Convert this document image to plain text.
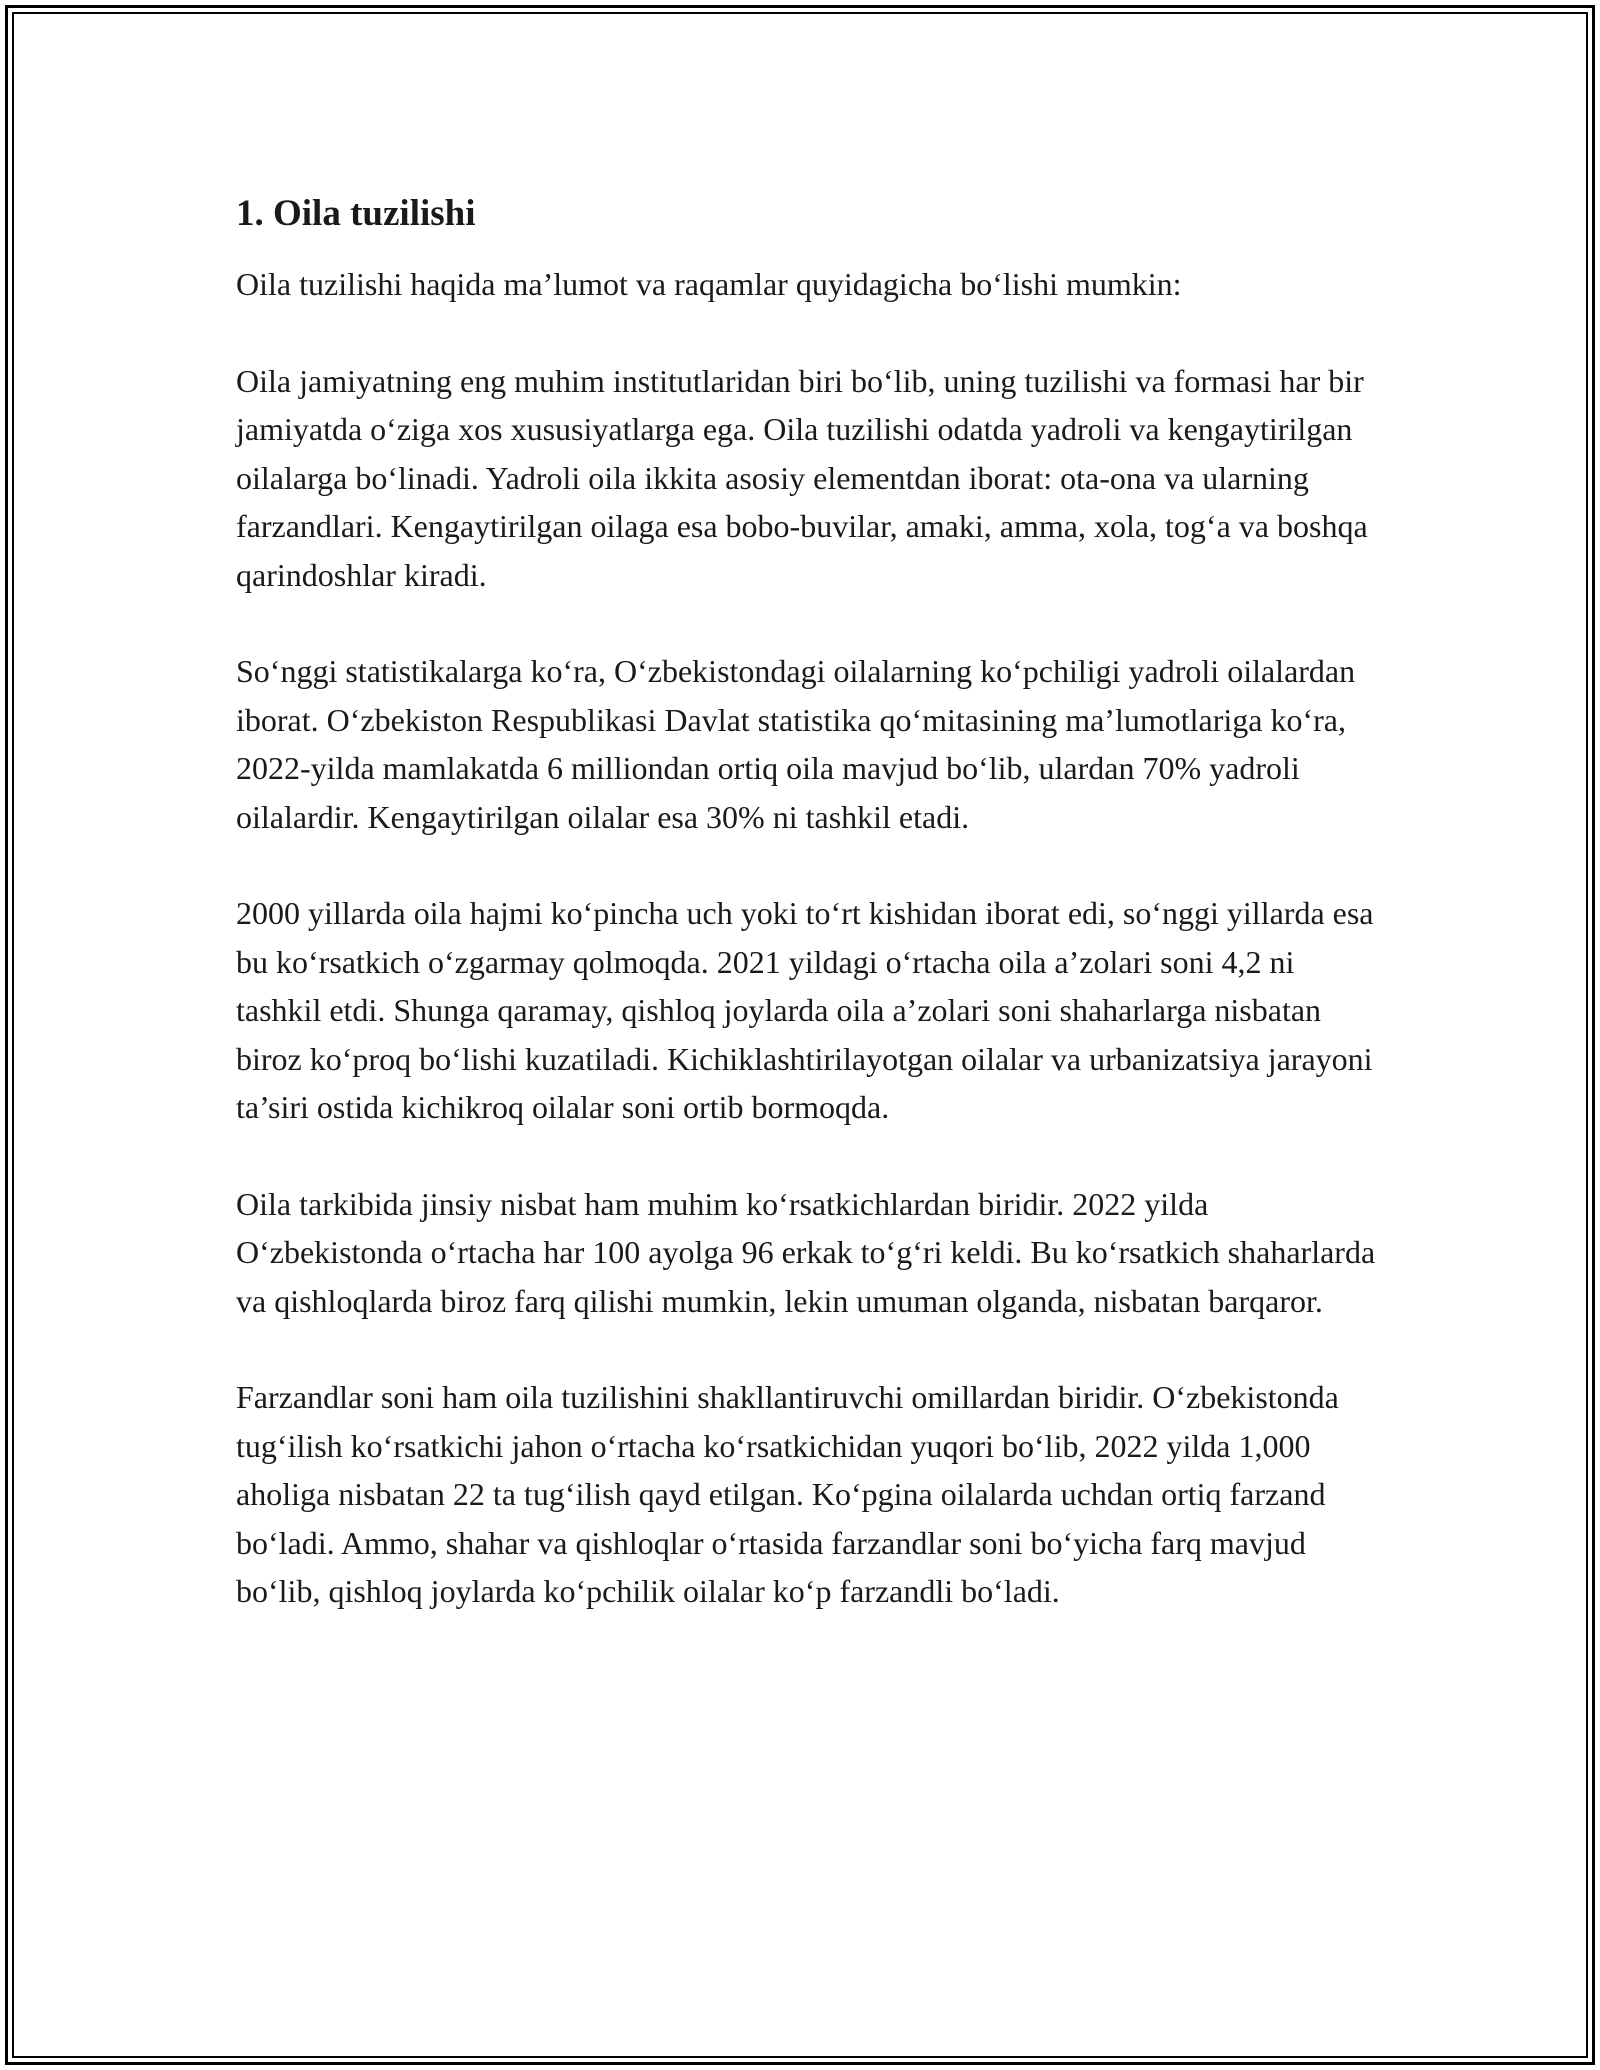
1. Oila tuzilishi

Oila tuzilishi haqida ma’lumot va raqamlar quyidagicha bo‘lishi mumkin:

Oila jamiyatning eng muhim institutlaridan biri bo‘lib, uning tuzilishi va formasi har bir jamiyatda o‘ziga xos xususiyatlarga ega. Oila tuzilishi odatda yadroli va kengaytirilgan oilalarga bo‘linadi. Yadroli oila ikkita asosiy elementdan iborat: ota-ona va ularning farzandlari. Kengaytirilgan oilaga esa bobo-buvilar, amaki, amma, xola, tog‘a va boshqa qarindoshlar kiradi.

So‘nggi statistikalarga ko‘ra, O‘zbekistondagi oilalarning ko‘pchiligi yadroli oilalardan iborat. O‘zbekiston Respublikasi Davlat statistika qo‘mitasining ma’lumotlariga ko‘ra, 2022-yilda mamlakatda 6 milliondan ortiq oila mavjud bo‘lib, ulardan 70% yadroli oilalardir. Kengaytirilgan oilalar esa 30% ni tashkil etadi.

2000 yillarda oila hajmi ko‘pincha uch yoki to‘rt kishidan iborat edi, so‘nggi yillarda esa bu ko‘rsatkich o‘zgarmay qolmoqda. 2021 yildagi o‘rtacha oila a’zolari soni 4,2 ni tashkil etdi. Shunga qaramay, qishloq joylarda oila a’zolari soni shaharlarga nisbatan biroz ko‘proq bo‘lishi kuzatiladi. Kichiklashtirilayotgan oilalar va urbanizatsiya jarayoni ta’siri ostida kichikroq oilalar soni ortib bormoqda.

Oila tarkibida jinsiy nisbat ham muhim ko‘rsatkichlardan biridir. 2022 yilda O‘zbekistonda o‘rtacha har 100 ayolga 96 erkak to‘g‘ri keldi. Bu ko‘rsatkich shaharlarda va qishloqlarda biroz farq qilishi mumkin, lekin umuman olganda, nisbatan barqaror.

Farzandlar soni ham oila tuzilishini shakllantiruvchi omillardan biridir. O‘zbekistonda tug‘ilish ko‘rsatkichi jahon o‘rtacha ko‘rsatkichidan yuqori bo‘lib, 2022 yilda 1,000 aholiga nisbatan 22 ta tug‘ilish qayd etilgan. Ko‘pgina oilalarda uchdan ortiq farzand bo‘ladi. Ammo, shahar va qishloqlar o‘rtasida farzandlar soni bo‘yicha farq mavjud bo‘lib, qishloq joylarda ko‘pchilik oilalar ko‘p farzandli bo‘ladi.
